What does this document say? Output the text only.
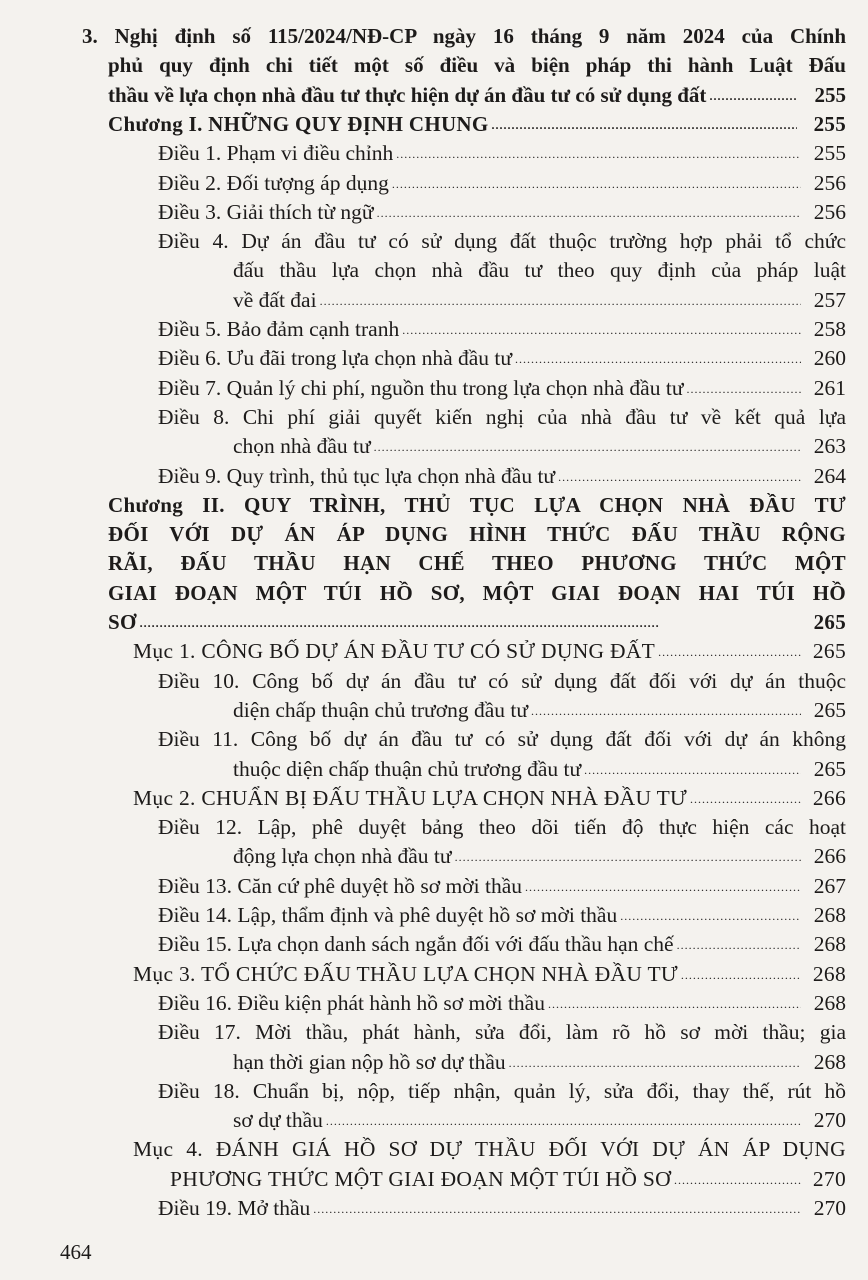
3. Nghị định số 115/2024/NĐ-CP ngày 16 tháng 9 năm 2024 của Chính
phủ quy định chi tiết một số điều và biện pháp thi hành Luật Đấu
thầu về lựa chọn nhà đầu tư thực hiện dự án đầu tư có sử dụng đất . . .	255
Chương I. NHỮNG QUY ĐỊNH CHUNG . . .	255
Điều 1. Phạm vi điều chỉnh . . .	255
Điều 2. Đối tượng áp dụng . . .	256
Điều 3. Giải thích từ ngữ . . .	256
Điều 4. Dự án đầu tư có sử dụng đất thuộc trường hợp phải tổ chức
đấu thầu lựa chọn nhà đầu tư theo quy định của pháp luật
về đất đai . . .	257
Điều 5. Bảo đảm cạnh tranh . . .	258
Điều 6. Ưu đãi trong lựa chọn nhà đầu tư . . .	260
Điều 7. Quản lý chi phí, nguồn thu trong lựa chọn nhà đầu tư . . .	261
Điều 8. Chi phí giải quyết kiến nghị của nhà đầu tư về kết quả lựa
chọn nhà đầu tư . . .	263
Điều 9. Quy trình, thủ tục lựa chọn nhà đầu tư . . .	264
Chương II. QUY TRÌNH, THỦ TỤC LỰA CHỌN NHÀ ĐẦU TƯ
ĐỐI VỚI DỰ ÁN ÁP DỤNG HÌNH THỨC ĐẤU THẦU RỘNG
RÃI, ĐẤU THẦU HẠN CHẾ THEO PHƯƠNG THỨC MỘT
GIAI ĐOẠN MỘT TÚI HỒ SƠ, MỘT GIAI ĐOẠN HAI TÚI HỒ
SƠ . . .	265
Mục 1. CÔNG BỐ DỰ ÁN ĐẦU TƯ CÓ SỬ DỤNG ĐẤT . . .	265
Điều 10. Công bố dự án đầu tư có sử dụng đất đối với dự án thuộc
diện chấp thuận chủ trương đầu tư . . .	265
Điều 11. Công bố dự án đầu tư có sử dụng đất đối với dự án không
thuộc diện chấp thuận chủ trương đầu tư . . .	265
Mục 2. CHUẨN BỊ ĐẤU THẦU LỰA CHỌN NHÀ ĐẦU TƯ . . .	266
Điều 12. Lập, phê duyệt bảng theo dõi tiến độ thực hiện các hoạt
động lựa chọn nhà đầu tư . . .	266
Điều 13. Căn cứ phê duyệt hồ sơ mời thầu . . .	267
Điều 14. Lập, thẩm định và phê duyệt hồ sơ mời thầu . . .	268
Điều 15. Lựa chọn danh sách ngắn đối với đấu thầu hạn chế . . .	268
Mục 3. TỔ CHỨC ĐẤU THẦU LỰA CHỌN NHÀ ĐẦU TƯ . . .	268
Điều 16. Điều kiện phát hành hồ sơ mời thầu . . .	268
Điều 17. Mời thầu, phát hành, sửa đổi, làm rõ hồ sơ mời thầu; gia
hạn thời gian nộp hồ sơ dự thầu . . .	268
Điều 18. Chuẩn bị, nộp, tiếp nhận, quản lý, sửa đổi, thay thế, rút hồ
sơ dự thầu . . .	270
Mục 4. ĐÁNH GIÁ HỒ SƠ DỰ THẦU ĐỐI VỚI DỰ ÁN ÁP DỤNG
PHƯƠNG THỨC MỘT GIAI ĐOẠN MỘT TÚI HỒ SƠ . . .	270
Điều 19. Mở thầu . . .	270
464
